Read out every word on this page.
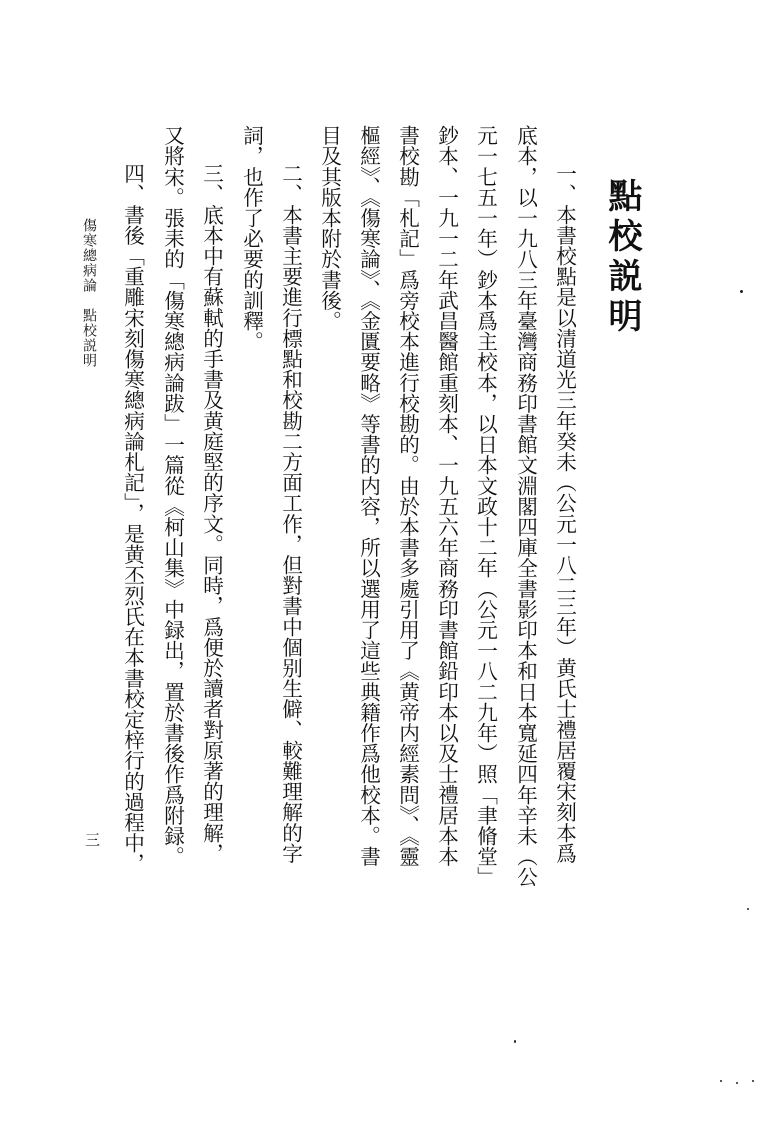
點校説明
一、本書校點是以清道光三年癸未（公元一八二三年）黄氏士禮居覆宋刻本爲
底本，以一九八三年臺灣商務印書館文淵閣四庫全書影印本和日本寬延四年辛未（公
元一七五一年）鈔本爲主校本，以日本文政十二年（公元一八二九年）照「聿脩堂」
鈔本、一九一二年武昌醫館重刻本、一九五六年商務印書館鉛印本以及士禮居本本
書校勘「札記」爲旁校本進行校勘的。由於本書多處引用了《黄帝内經素問》、《靈
樞經》、《傷寒論》、《金匱要略》等書的内容，所以選用了這些典籍作爲他校本。書
目及其版本附於書後。
二、本書主要進行標點和校勘二方面工作，但對書中個别生僻、較難理解的字
詞，也作了必要的訓釋。
三、底本中有蘇軾的手書及黄庭堅的序文。同時，爲便於讀者對原著的理解，
又將宋。張耒的「傷寒總病論跋」一篇從《柯山集》中録出，置於書後作爲附録。
四、書後「重雕宋刻傷寒總病論札記」，是黄丕烈氏在本書校定梓行的過程中，
傷寒總病論　點校説明
三
